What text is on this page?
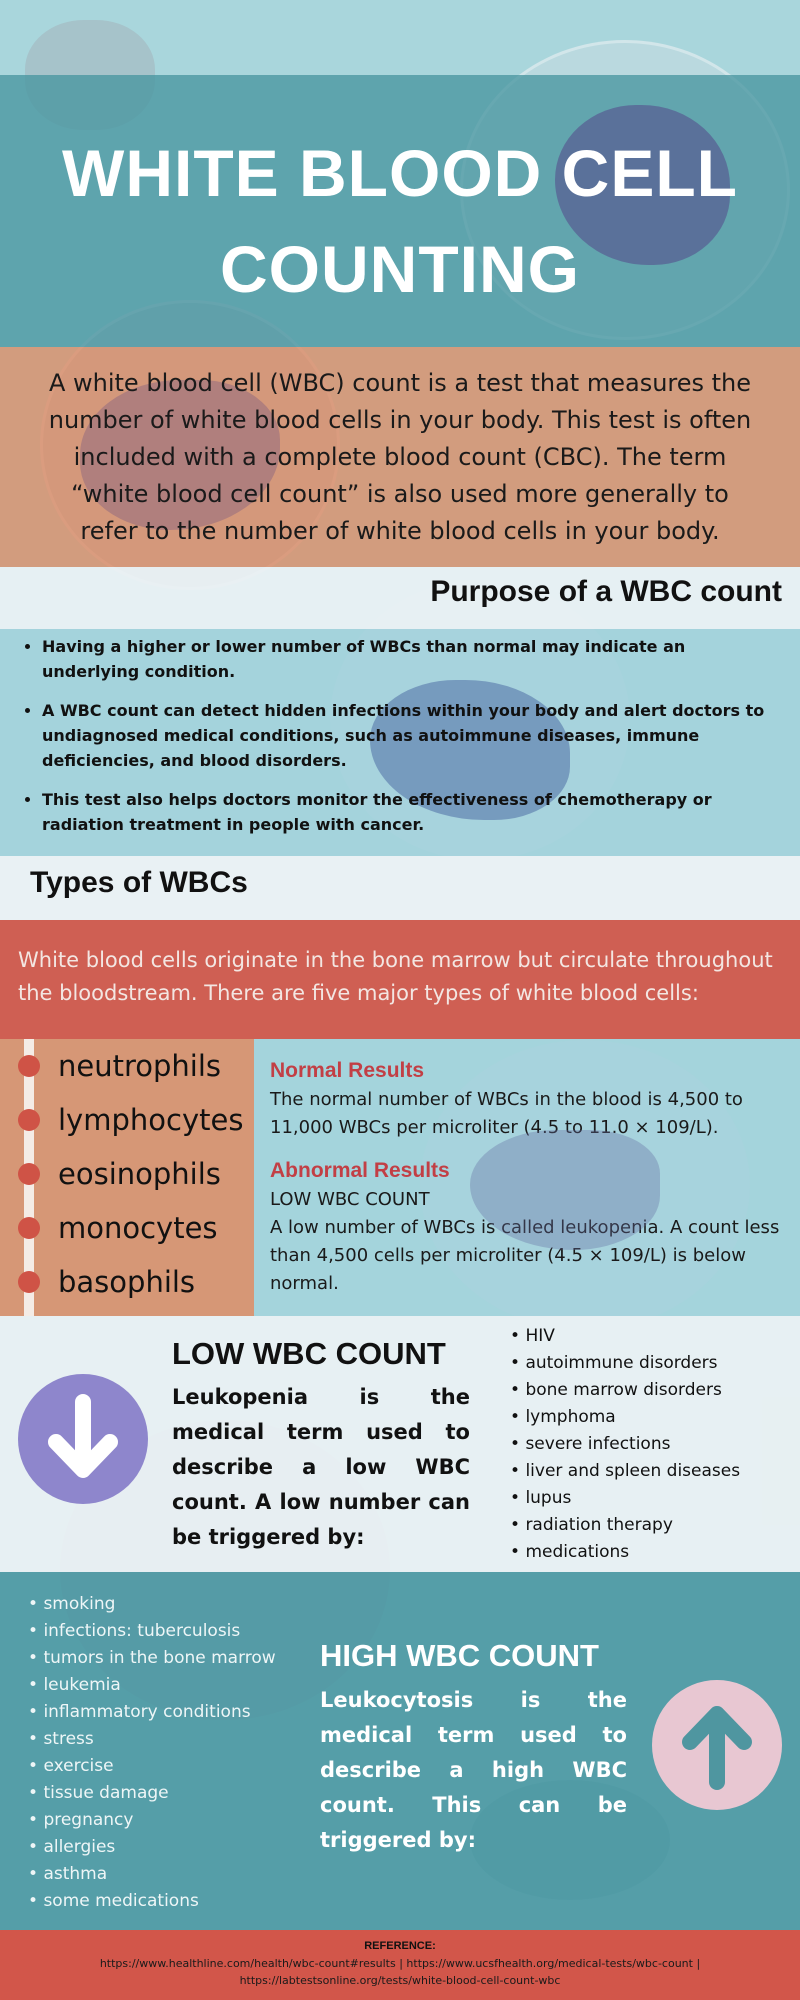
WHITE BLOOD CELL
COUNTING

A white blood cell (WBC) count is a test that measures the number of white blood cells in your body. This test is often included with a complete blood count (CBC). The term “white blood cell count” is also used more generally to refer to the number of white blood cells in your body.

Purpose of a WBC count
• Having a higher or lower number of WBCs than normal may indicate an underlying condition.
• A WBC count can detect hidden infections within your body and alert doctors to undiagnosed medical conditions, such as autoimmune diseases, immune deficiencies, and blood disorders.
• This test also helps doctors monitor the effectiveness of chemotherapy or radiation treatment in people with cancer.
Types of WBCs

White blood cells originate in the bone marrow but circulate throughout the bloodstream. There are five major types of white blood cells:

neutrophils
lymphocytes
eosinophils
monocytes
basophils
Normal Results
The normal number of WBCs in the blood is 4,500 to 11,000 WBCs per microliter (4.5 to 11.0 × 109/L).
Abnormal Results
LOW WBC COUNT
A low number of WBCs is called leukopenia. A count less than 4,500 cells per microliter (4.5 × 109/L) is below normal.
LOW WBC COUNT

Leukopenia is the medical term used to describe a low WBC count. A low number can be triggered by:

• HIV
• autoimmune disorders
• bone marrow disorders
• lymphoma
• severe infections
• liver and spleen diseases
• lupus
• radiation therapy
• medications
• smoking
• infections: tuberculosis
• tumors in the bone marrow
• leukemia
• inflammatory conditions
• stress
• exercise
• tissue damage
• pregnancy
• allergies
• asthma
• some medications
HIGH WBC COUNT

Leukocytosis is the medical term used to describe a high WBC count. This can be triggered by:

REFERENCE:
https://www.healthline.com/health/wbc-count#results | https://www.ucsfhealth.org/medical-tests/wbc-count | https://labtestsonline.org/tests/white-blood-cell-count-wbc
